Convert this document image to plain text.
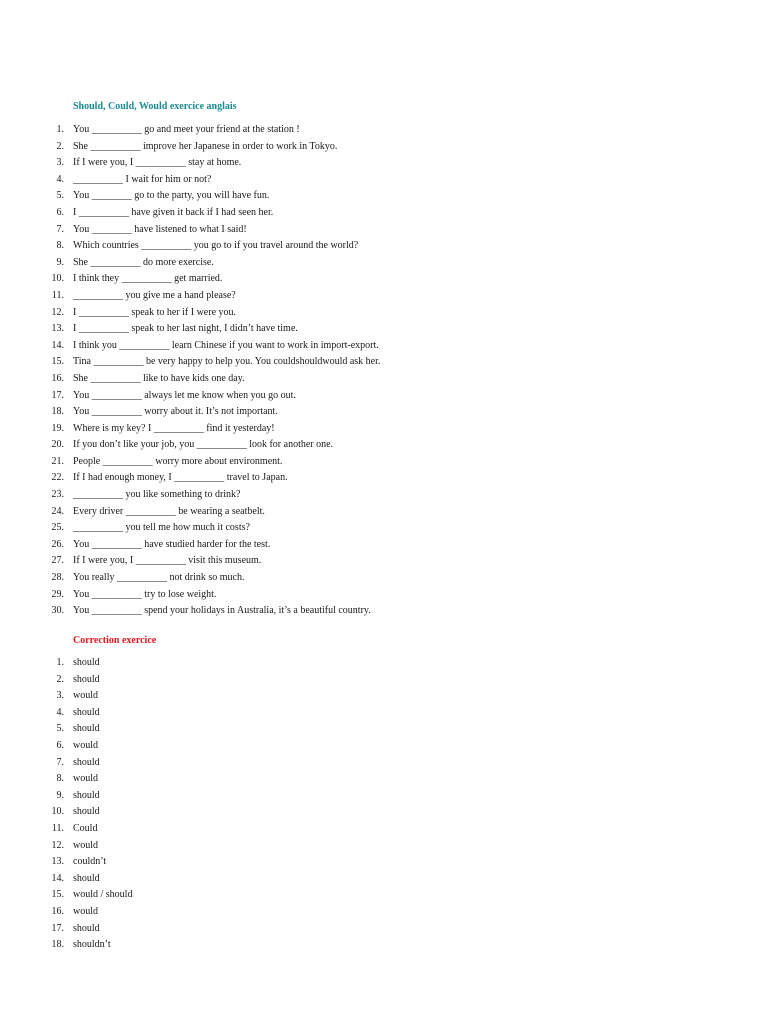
Should, Could, Would exercice anglais
1. You __________ go and meet your friend at the station !
2. She __________ improve her Japanese in order to work in Tokyo.
3. If I were you, I __________ stay at home.
4. __________ I wait for him or not?
5. You ________ go to the party, you will have fun.
6. I __________ have given it back if I had seen her.
7. You ________ have listened to what I said!
8. Which countries __________ you go to if you travel around the world?
9. She __________ do more exercise.
10. I think they __________ get married.
11. __________ you give me a hand please?
12. I __________ speak to her if I were you.
13. I __________ speak to her last night, I didn’t have time.
14. I think you __________ learn Chinese if you want to work in import-export.
15. Tina __________ be very happy to help you. You couldshouldwould ask her.
16. She __________ like to have kids one day.
17. You __________ always let me know when you go out.
18. You __________ worry about it. It’s not important.
19. Where is my key? I __________ find it yesterday!
20. If you don’t like your job, you __________ look for another one.
21. People __________ worry more about environment.
22. If I had enough money, I __________ travel to Japan.
23. __________ you like something to drink?
24. Every driver __________ be wearing a seatbelt.
25. __________ you tell me how much it costs?
26. You __________ have studied harder for the test.
27. If I were you, I __________ visit this museum.
28. You really __________ not drink so much.
29. You __________ try to lose weight.
30. You __________ spend your holidays in Australia, it’s a beautiful country.
Correction exercice
1. should
2. should
3. would
4. should
5. should
6. would
7. should
8. would
9. should
10. should
11. Could
12. would
13. couldn’t
14. should
15. would / should
16. would
17. should
18. shouldn’t
